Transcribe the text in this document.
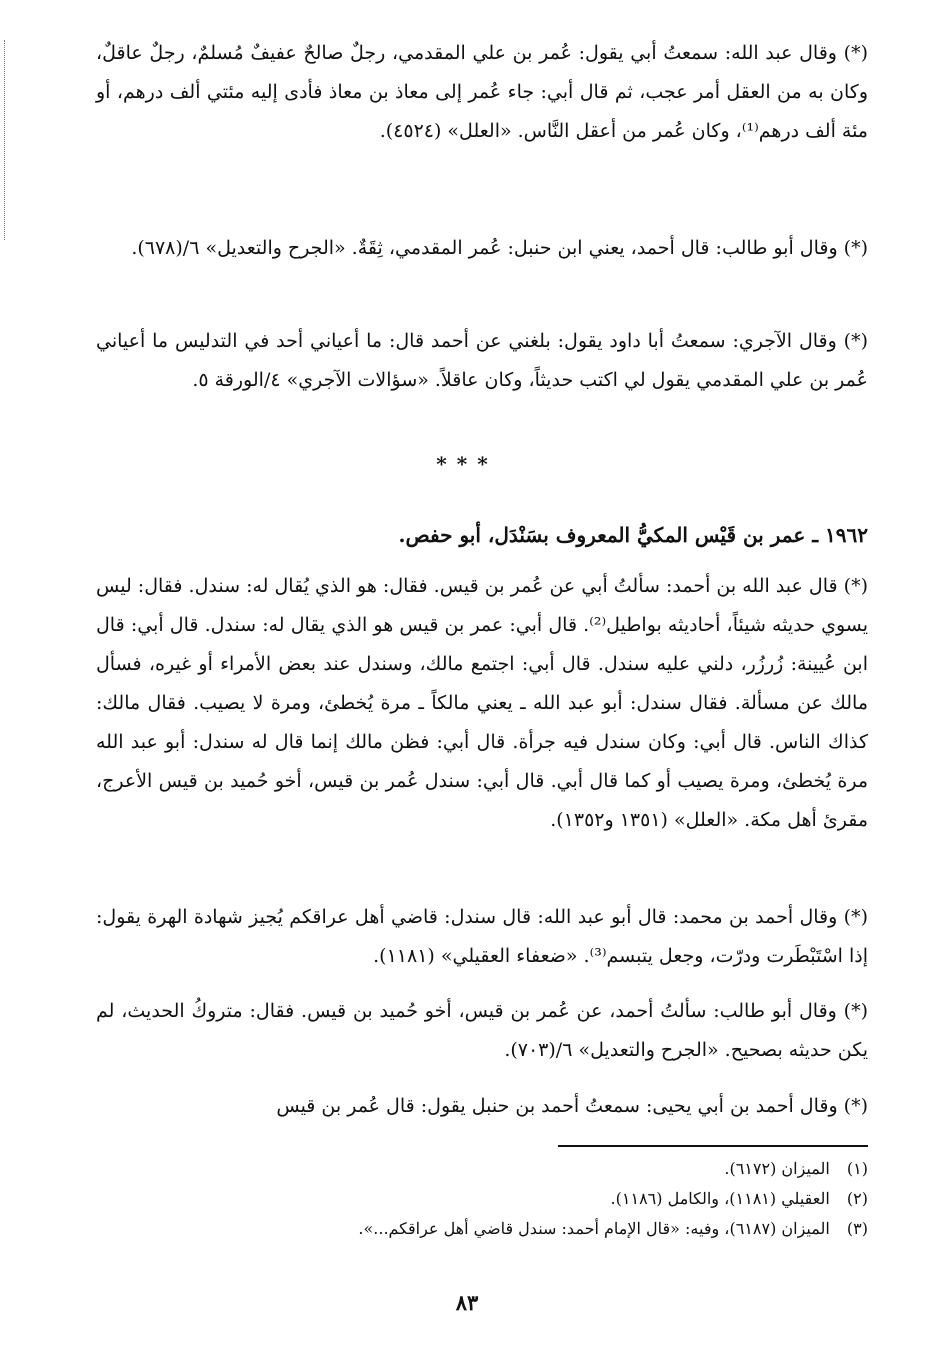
(*) وقال عبد الله: سمعتُ أبي يقول: عُمر بن علي المقدمي، رجلٌ صالحٌ عفيفٌ مُسلمٌ، رجلٌ عاقلٌ، وكان به من العقل أمر عجب، ثم قال أبي: جاء عُمر إلى معاذ بن معاذ فأدى إليه مئتي ألف درهم، أو مئة ألف درهم⁽¹⁾، وكان عُمر من أعقل النَّاس. «العلل» (٤٥٢٤).

(*) وقال أبو طالب: قال أحمد، يعني ابن حنبل: عُمر المقدمي، ثِقَةٌ. «الجرح والتعديل» ٦/(٦٧٨).

(*) وقال الآجري: سمعتُ أبا داود يقول: بلغني عن أحمد قال: ما أعياني أحد في التدليس ما أعياني عُمر بن علي المقدمي يقول لي اكتب حديثاً، وكان عاقلاً. «سؤالات الآجري» ٤/الورقة ٥.

***
١٩٦٢ ـ عمر بن قَيْس المكيُّ المعروف بسَنْدَل، أبو حفص.

(*) قال عبد الله بن أحمد: سألتُ أبي عن عُمر بن قيس. فقال: هو الذي يُقال له: سندل. فقال: ليس يسوي حديثه شيئاً، أحاديثه بواطيل⁽²⁾. قال أبي: عمر بن قيس هو الذي يقال له: سندل. قال أبي: قال ابن عُيينة: زُرزُر، دلني عليه سندل. قال أبي: اجتمع مالك، وسندل عند بعض الأمراء أو غيره، فسأل مالك عن مسألة. فقال سندل: أبو عبد الله ـ يعني مالكاً ـ مرة يُخطئ، ومرة لا يصيب. فقال مالك: كذاك الناس. قال أبي: وكان سندل فيه جرأة. قال أبي: فظن مالك إنما قال له سندل: أبو عبد الله مرة يُخطئ، ومرة يصيب أو كما قال أبي. قال أبي: سندل عُمر بن قيس، أخو حُميد بن قيس الأعرج، مقرئ أهل مكة. «العلل» (١٣٥١ و١٣٥٢).

(*) وقال أحمد بن محمد: قال أبو عبد الله: قال سندل: قاضي أهل عراقكم يُجيز شهادة الهرة يقول: إذا اسْتَبْطَرت ودرّت، وجعل يتبسم⁽³⁾. «ضعفاء العقيلي» (١١٨١).

(*) وقال أبو طالب: سألتُ أحمد، عن عُمر بن قيس، أخو حُميد بن قيس. فقال: متروكُ الحديث، لم يكن حديثه بصحيح. «الجرح والتعديل» ٦/(٧٠٣).

(*) وقال أحمد بن أبي يحيى: سمعتُ أحمد بن حنبل يقول: قال عُمر بن قيس

(١) الميزان (٦١٧٢).

(٢) العقيلي (١١٨١)، والكامل (١١٨٦).

(٣) الميزان (٦١٨٧)، وفيه: «قال الإمام أحمد: سندل قاضي أهل عراقكم...».

٨٣
